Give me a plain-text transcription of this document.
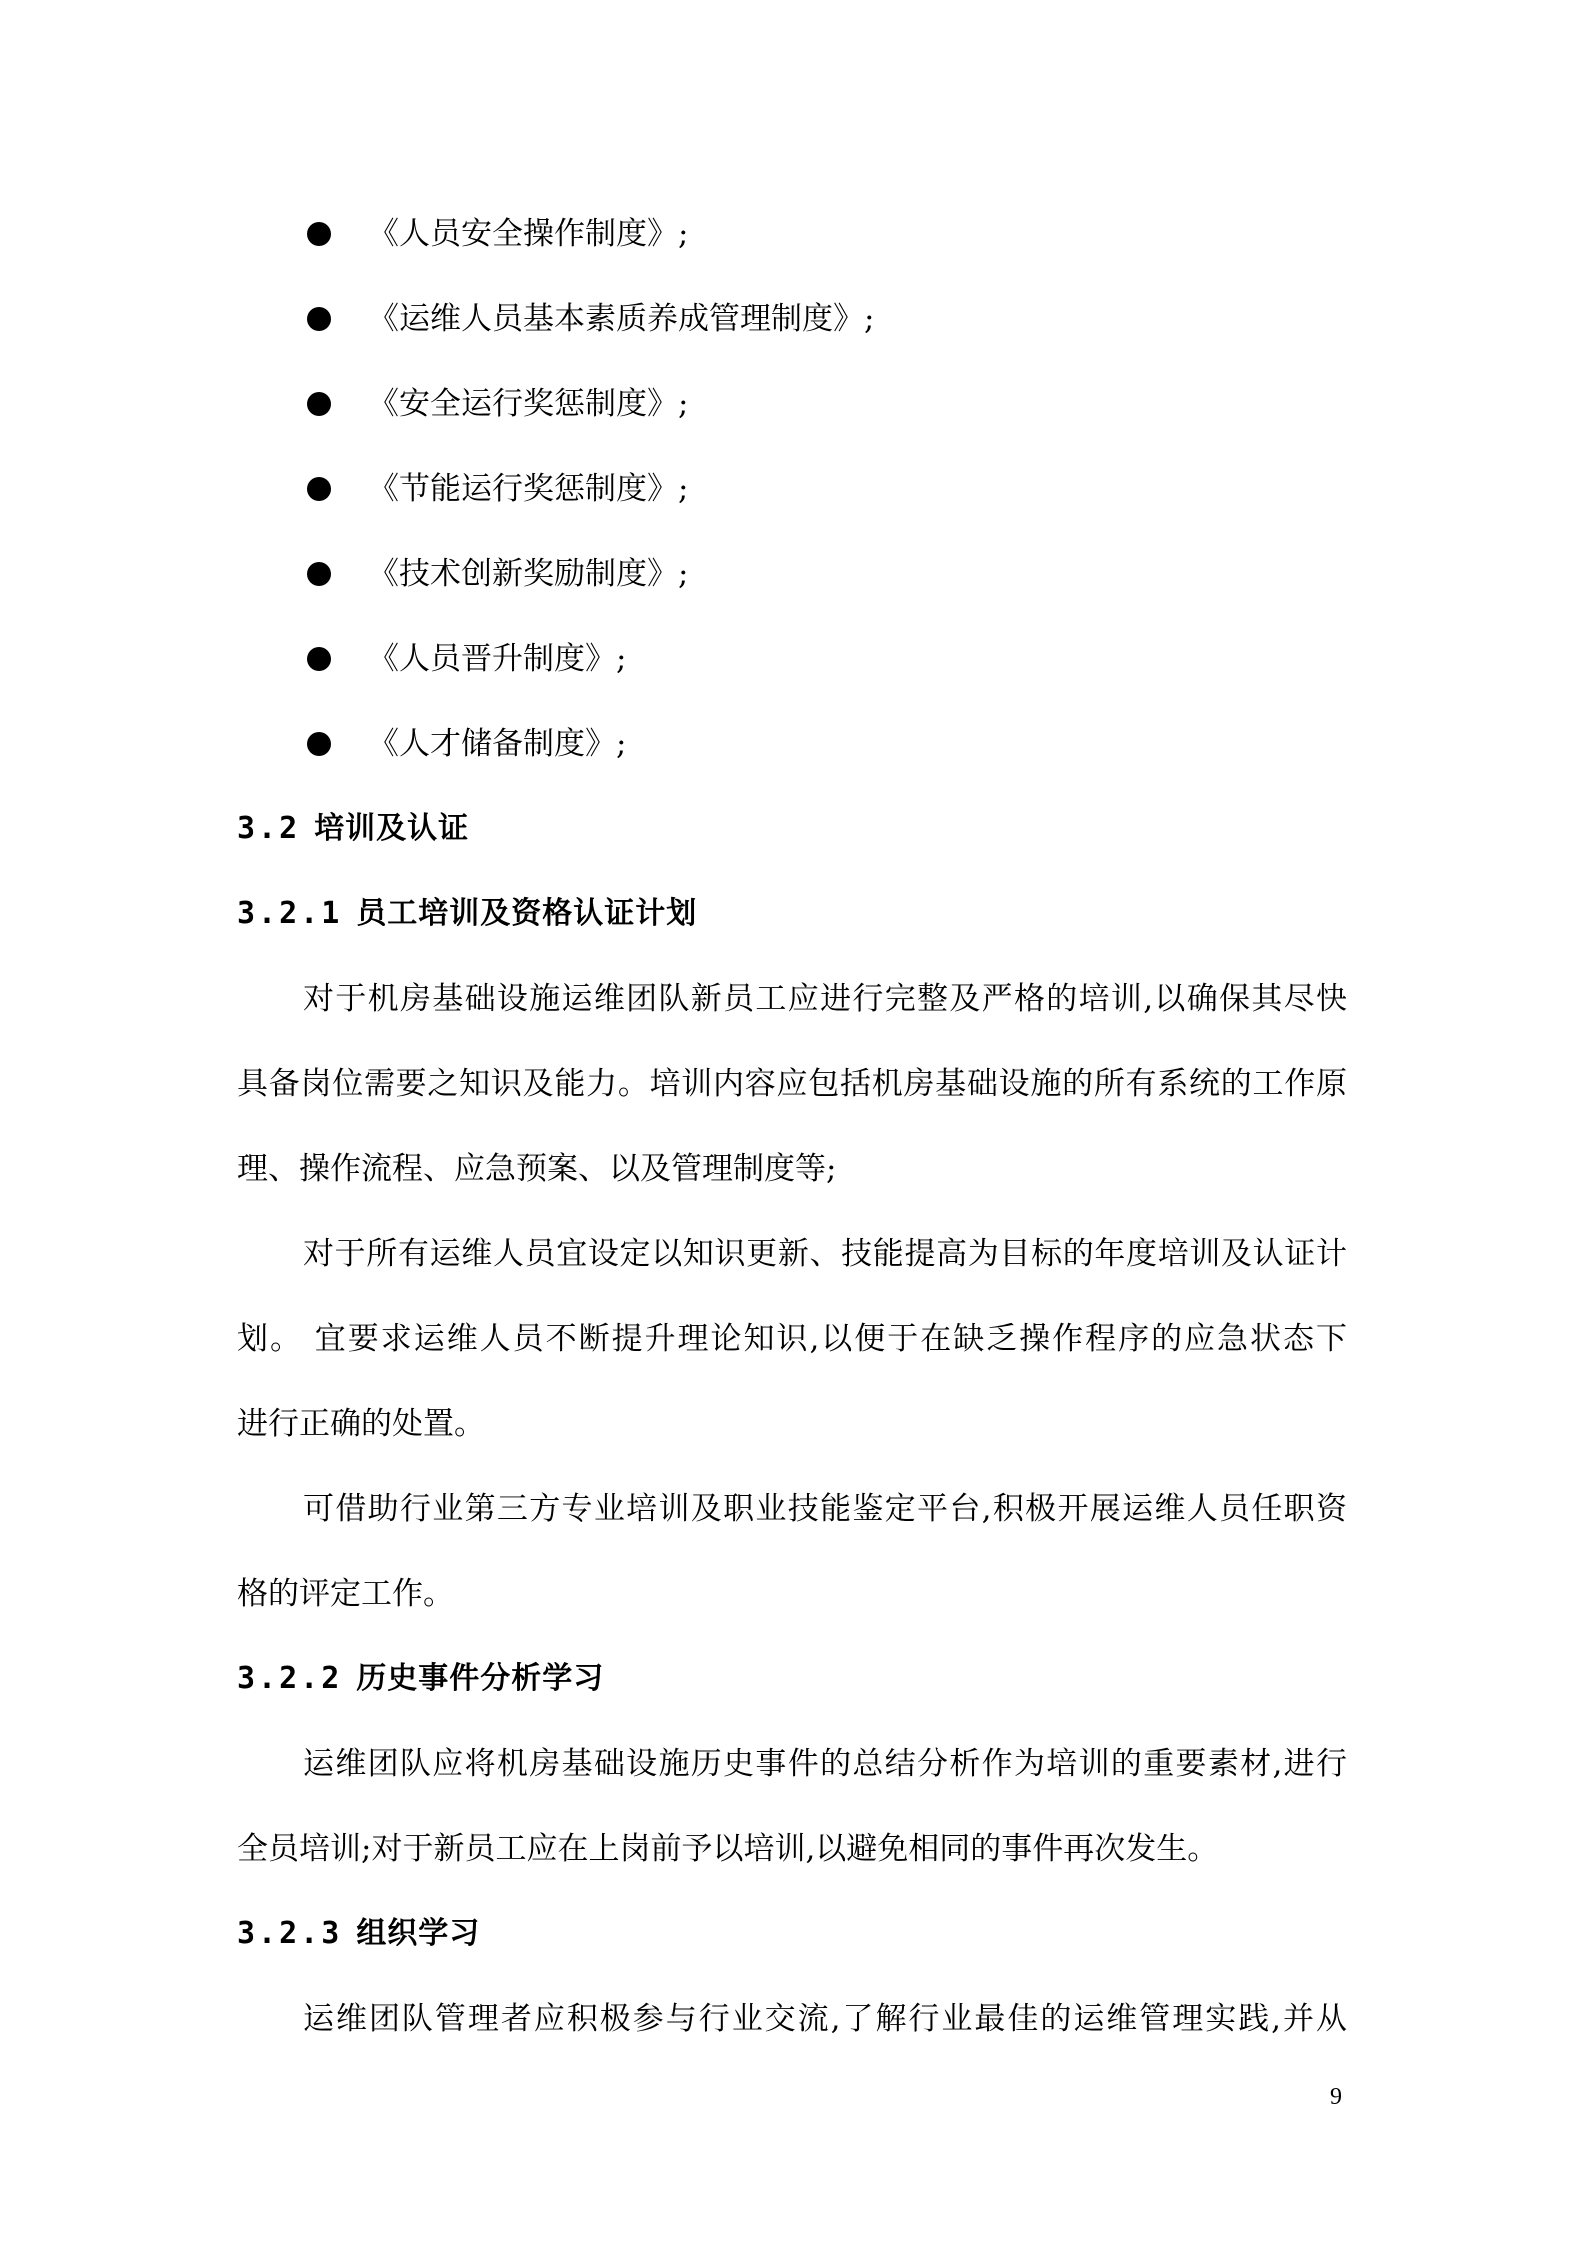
《人员安全操作制度》;
《运维人员基本素质养成管理制度》;
《安全运行奖惩制度》;
《节能运行奖惩制度》;
《技术创新奖励制度》;
《人员晋升制度》;
《人才储备制度》;
3.2 培训及认证
3.2.1 员工培训及资格认证计划
对于机房基础设施运维团队新员工应进行完整及严格的培训,以确保其尽快
具备岗位需要之知识及能力。培训内容应包括机房基础设施的所有系统的工作原
理、操作流程、应急预案、以及管理制度等;
对于所有运维人员宜设定以知识更新、技能提高为目标的年度培训及认证计
划。 宜要求运维人员不断提升理论知识,以便于在缺乏操作程序的应急状态下
进行正确的处置。
可借助行业第三方专业培训及职业技能鉴定平台,积极开展运维人员任职资
格的评定工作。
3.2.2 历史事件分析学习
运维团队应将机房基础设施历史事件的总结分析作为培训的重要素材,进行
全员培训;对于新员工应在上岗前予以培训,以避免相同的事件再次发生。
3.2.3 组织学习
运维团队管理者应积极参与行业交流,了解行业最佳的运维管理实践,并从
9
